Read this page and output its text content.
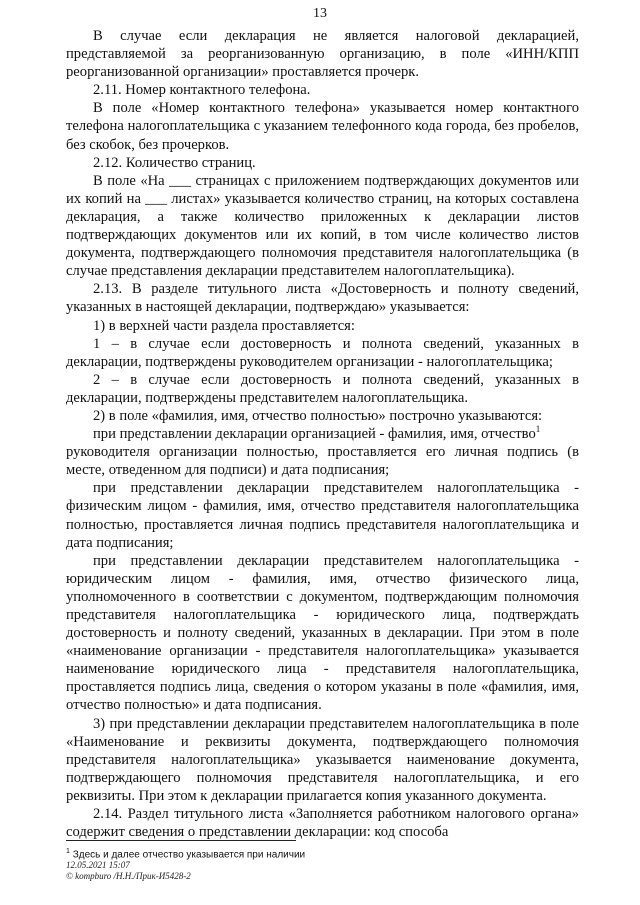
13

В случае если декларация не является налоговой декларацией, представляемой за реорганизованную организацию, в поле «ИНН/КПП реорганизованной организации» проставляется прочерк.

2.11. Номер контактного телефона.

В поле «Номер контактного телефона» указывается номер контактного телефона налогоплательщика с указанием телефонного кода города, без пробелов, без скобок, без прочерков.

2.12. Количество страниц.

В поле «На ___ страницах с приложением подтверждающих документов или их копий на ___ листах» указывается количество страниц, на которых составлена декларация, а также количество приложенных к декларации листов подтверждающих документов или их копий, в том числе количество листов документа, подтверждающего полномочия представителя налогоплательщика (в случае представления декларации представителем налогоплательщика).

2.13. В разделе титульного листа «Достоверность и полноту сведений, указанных в настоящей декларации, подтверждаю» указывается:

1) в верхней части раздела проставляется:

1 – в случае если достоверность и полнота сведений, указанных в декларации, подтверждены руководителем организации - налогоплательщика;

2 – в случае если достоверность и полнота сведений, указанных в декларации, подтверждены представителем налогоплательщика.

2) в поле «фамилия, имя, отчество полностью» построчно указываются:

при представлении декларации организацией - фамилия, имя, отчество$^1$

руководителя организации полностью, проставляется его личная подпись (в месте, отведенном для подписи) и дата подписания;

при представлении декларации представителем налогоплательщика - физическим лицом - фамилия, имя, отчество представителя налогоплательщика полностью, проставляется личная подпись представителя налогоплательщика и дата подписания;

при представлении декларации представителем налогоплательщика - юридическим лицом - фамилия, имя, отчество физического лица, уполномоченного в соответствии с документом, подтверждающим полномочия представителя налогоплательщика - юридического лица, подтверждать достоверность и полноту сведений, указанных в декларации. При этом в поле «наименование организации - представителя налогоплательщика» указывается наименование юридического лица - представителя налогоплательщика, проставляется подпись лица, сведения о котором указаны в поле «фамилия, имя, отчество полностью» и дата подписания.

3) при представлении декларации представителем налогоплательщика в поле «Наименование и реквизиты документа, подтверждающего полномочия представителя налогоплательщика» указывается наименование документа, подтверждающего полномочия представителя налогоплательщика, и его реквизиты. При этом к декларации прилагается копия указанного документа.

2.14. Раздел титульного листа «Заполняется работником налогового органа» содержит сведения о представлении декларации: код способа

$^1$ Здесь и далее отчество указывается при наличии
12.05.2021 15:07
© kompburo /Н.Н./Прик-И5428-2
